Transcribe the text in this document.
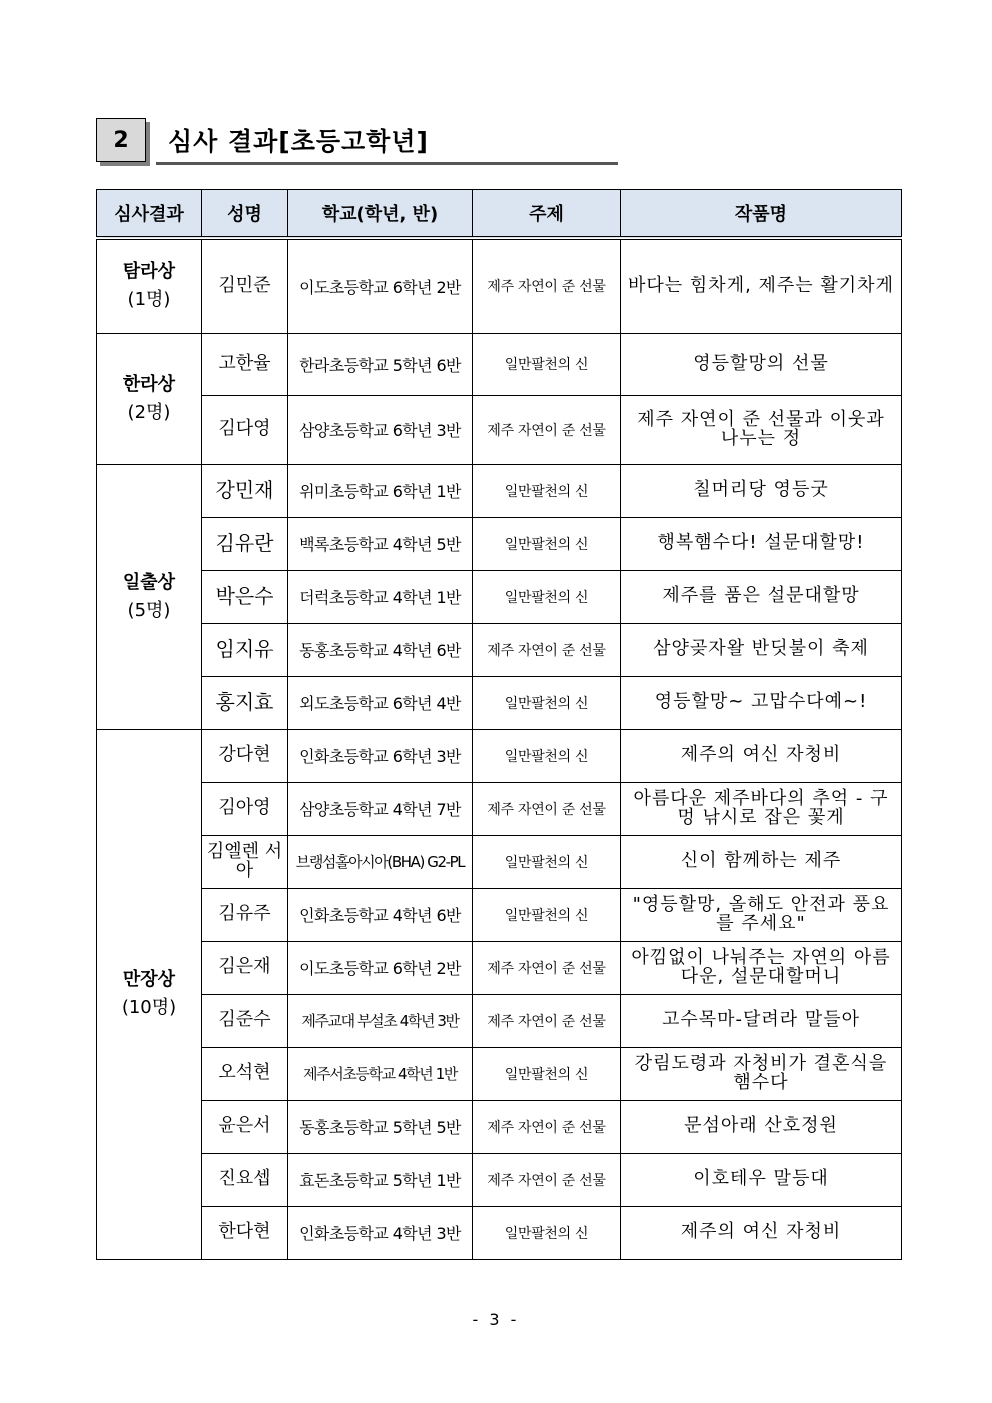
2	심사 결과[초등고학년]
심사결과	성명	학교(학년, 반)	주제	작품명

탐라상
(1명)	김민준	이도초등학교 6학년 2반	제주 자연이 준 선물	바다는 힘차게, 제주는 활기차게

한라상
(2명)	고한율	한라초등학교 5학년 6반	일만팔천의 신	영등할망의 선물
	김다영	삼양초등학교 6학년 3반	제주 자연이 준 선물	제주 자연이 준 선물과 이웃과 나누는 정

일출상
(5명)	강민재	위미초등학교 6학년 1반	일만팔천의 신	칠머리당 영등굿
	김유란	백록초등학교 4학년 5반	일만팔천의 신	행복햄수다! 설문대할망!
	박은수	더럭초등학교 4학년 1반	일만팔천의 신	제주를 품은 설문대할망
	임지유	동홍초등학교 4학년 6반	제주 자연이 준 선물	삼양곶자왈 반딧불이 축제
	홍지효	외도초등학교 6학년 4반	일만팔천의 신	영등할망~ 고맙수다예~!

만장상
(10명)	강다현	인화초등학교 6학년 3반	일만팔천의 신	제주의 여신 자청비
	김아영	삼양초등학교 4학년 7반	제주 자연이 준 선물	아름다운 제주바다의 추억 - 구멍 낚시로 잡은 꽃게
	김엘렌 서아	브랭섬홀아시아(BHA) G2-PL	일만팔천의 신	신이 함께하는 제주
	김유주	인화초등학교 4학년 6반	일만팔천의 신	"영등할망, 올해도 안전과 풍요를 주세요"
	김은재	이도초등학교 6학년 2반	제주 자연이 준 선물	아낌없이 나눠주는 자연의 아름다운, 설문대할머니
	김준수	제주교대 부설초 4학년 3반	제주 자연이 준 선물	고수목마-달려라 말들아
	오석현	제주서초등학교 4학년 1반	일만팔천의 신	강림도령과 자청비가 결혼식을 햄수다
	윤은서	동홍초등학교 5학년 5반	제주 자연이 준 선물	문섬아래 산호정원
	진요셉	효돈초등학교 5학년 1반	제주 자연이 준 선물	이호테우 말등대
	한다현	인화초등학교 4학년 3반	일만팔천의 신	제주의 여신 자청비
- 3 -
